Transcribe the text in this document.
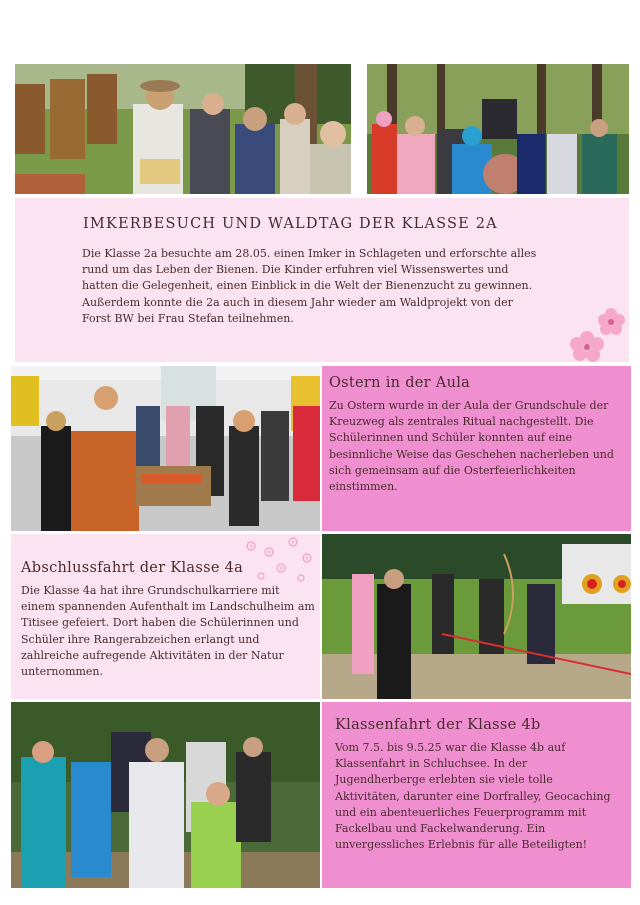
IMKERBESUCH UND WALDTAG DER KLASSE 2A

Die Klasse 2a besuchte am 28.05. einen Imker in Schlageten und erforschte alles rund um das Leben der Bienen. Die Kinder erfuhren viel Wissenswertes und hatten die Gelegenheit, einen Einblick in die Welt der Bienenzucht zu gewinnen. Außerdem konnte die 2a auch in diesem Jahr wieder am Waldprojekt von der Forst BW bei Frau Stefan teilnehmen.

Ostern in der Aula

Zu Ostern wurde in der Aula der Grundschule der Kreuzweg als zentrales Ritual nachgestellt. Die Schülerinnen und Schüler konnten auf eine besinnliche Weise das Geschehen nacherleben und sich gemeinsam auf die Osterfeierlichkeiten einstimmen.

Abschlussfahrt der Klasse 4a

Die Klasse 4a hat ihre Grundschulkarriere mit einem spannenden Aufenthalt im Landschulheim am Titisee gefeiert. Dort haben die Schülerinnen und Schüler ihre Rangerabzeichen erlangt und zahlreiche aufregende Aktivitäten in der Natur unternommen.

Klassenfahrt der Klasse 4b

Vom 7.5. bis 9.5.25 war die Klasse 4b auf Klassenfahrt in Schluchsee. In der Jugendherberge erlebten sie viele tolle Aktivitäten, darunter eine Dorfralley, Geocaching und ein abenteuerliches Feuerprogramm mit Fackelbau und Fackelwanderung. Ein unvergessliches Erlebnis für alle Beteiligten!
